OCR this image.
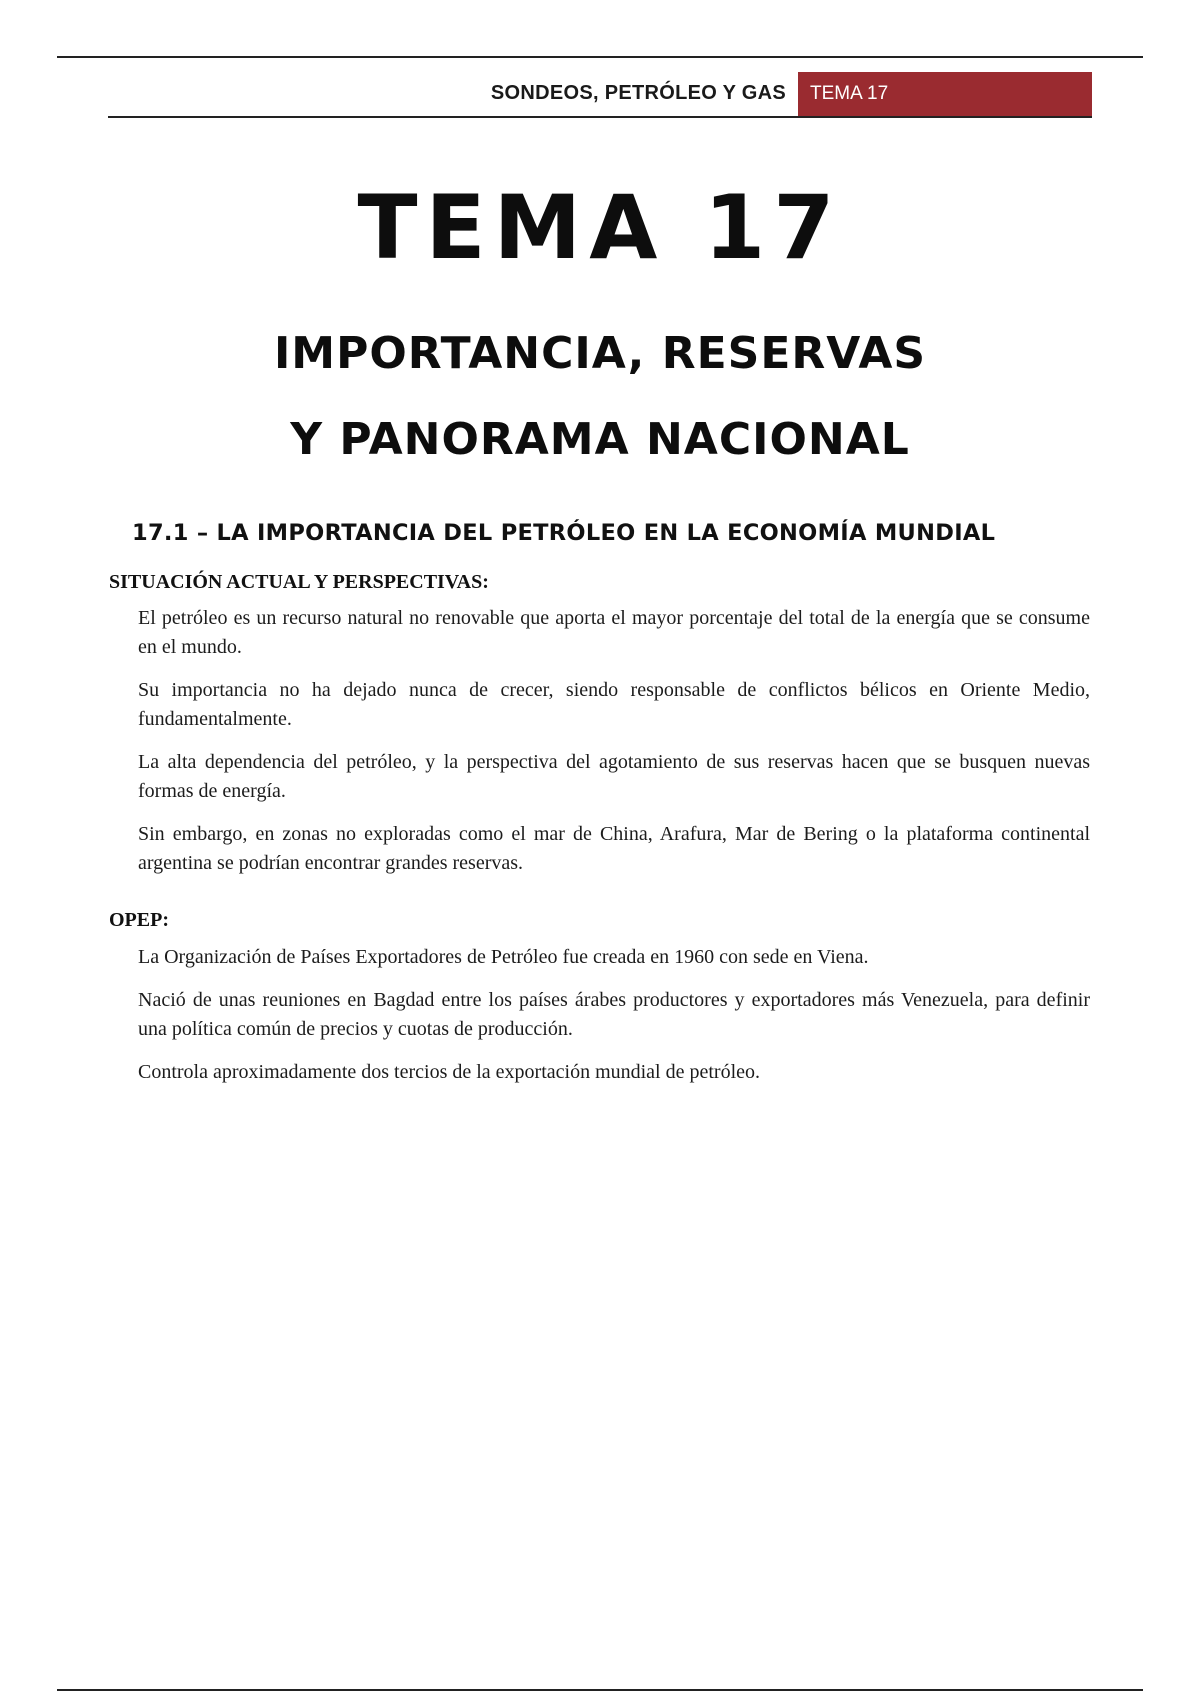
SONDEOS, PETRÓLEO Y GAS	TEMA 17
TEMA 17
IMPORTANCIA, RESERVAS
Y PANORAMA NACIONAL
17.1 – LA IMPORTANCIA DEL PETRÓLEO EN LA ECONOMÍA MUNDIAL
SITUACIÓN ACTUAL Y PERSPECTIVAS:

El petróleo es un recurso natural no renovable que aporta el mayor porcentaje del total de la energía que se consume en el mundo.

Su importancia no ha dejado nunca de crecer, siendo responsable de conflictos bélicos en Oriente Medio, fundamentalmente.

La alta dependencia del petróleo, y la perspectiva del agotamiento de sus reservas hacen que se busquen nuevas formas de energía.

Sin embargo, en zonas no exploradas como el mar de China, Arafura, Mar de Bering o la plataforma continental argentina se podrían encontrar grandes reservas.

OPEP:

La Organización de Países Exportadores de Petróleo fue creada en 1960 con sede en Viena.

Nació de unas reuniones en Bagdad entre los países árabes productores y exportadores más Venezuela, para definir una política común de precios y cuotas de producción.

Controla aproximadamente dos tercios de la exportación mundial de petróleo.
